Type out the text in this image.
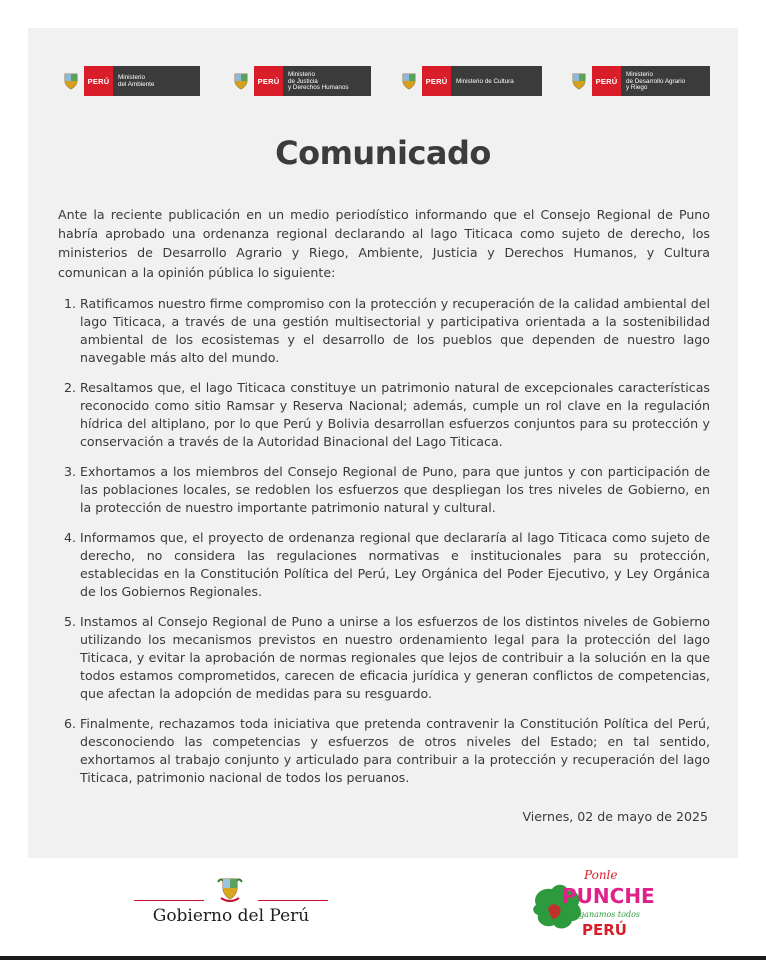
PERÚ	Ministerio
del Ambiente	PERÚ
Ministerio
de Justicia
y Derechos Humanos
PERÚ	Ministerio de Cultura	PERÚ
Ministerio
de Desarrollo Agrario
y Riego
Comunicado

Ante la reciente publicación en un medio periodístico informando que el Consejo Regional de Puno habría aprobado una ordenanza regional declarando al lago Titicaca como sujeto de derecho, los ministerios de Desarrollo Agrario y Riego, Ambiente, Justicia y Derechos Humanos, y Cultura comunican a la opinión pública lo siguiente:

1. Ratificamos nuestro firme compromiso con la protección y recuperación de la calidad ambiental del lago Titicaca, a través de una gestión multisectorial y participativa orientada a la sostenibilidad ambiental de los ecosistemas y el desarrollo de los pueblos que dependen de nuestro lago navegable más alto del mundo.
2. Resaltamos que, el lago Titicaca constituye un patrimonio natural de excepcionales características reconocido como sitio Ramsar y Reserva Nacional; además, cumple un rol clave en la regulación hídrica del altiplano, por lo que Perú y Bolivia desarrollan esfuerzos conjuntos para su protección y conservación a través de la Autoridad Binacional del Lago Titicaca.
3. Exhortamos a los miembros del Consejo Regional de Puno, para que juntos y con participación de las poblaciones locales, se redoblen los esfuerzos que despliegan los tres niveles de Gobierno, en la protección de nuestro importante patrimonio natural y cultural.
4. Informamos que, el proyecto de ordenanza regional que declararía al lago Titicaca como sujeto de derecho, no considera las regulaciones normativas e institucionales para su protección, establecidas en la Constitución Política del Perú, Ley Orgánica del Poder Ejecutivo, y Ley Orgánica de los Gobiernos Regionales.
5. Instamos al Consejo Regional de Puno a unirse a los esfuerzos de los distintos niveles de Gobierno utilizando los mecanismos previstos en nuestro ordenamiento legal para la protección del lago Titicaca, y evitar la aprobación de normas regionales que lejos de contribuir a la solución en la que todos estamos comprometidos, carecen de eficacia jurídica y generan conflictos de competencias, que afectan la adopción de medidas para su resguardo.
6. Finalmente, rechazamos toda iniciativa que pretenda contravenir la Constitución Política del Perú, desconociendo las competencias y esfuerzos de otros niveles del Estado; en tal sentido, exhortamos al trabajo conjunto y articulado para contribuir a la protección y recuperación del lago Titicaca, patrimonio nacional de todos los peruanos.
Viernes, 02 de mayo de 2025
Gobierno del Perú
Ponle
PUNCHE
y ganamos todos
PERÚ
